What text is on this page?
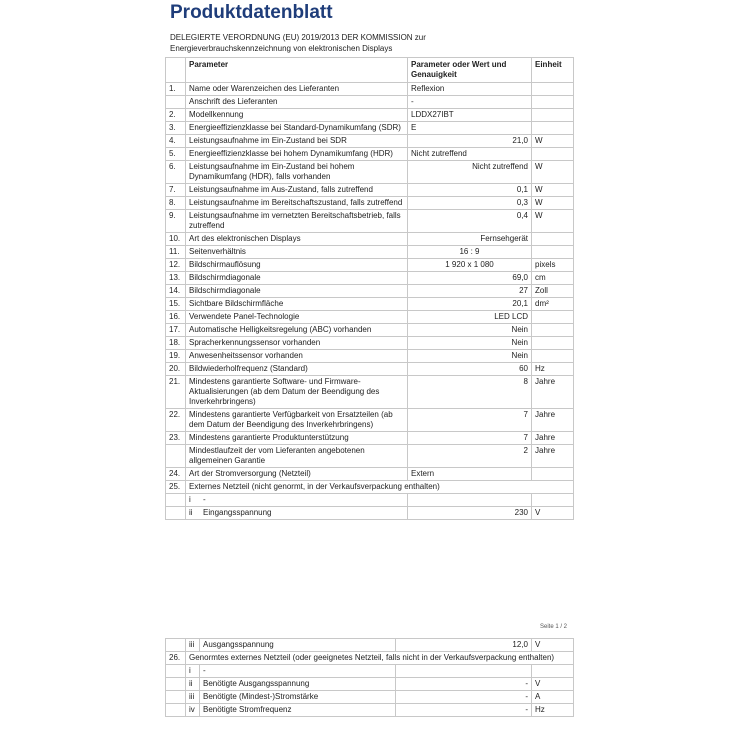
Produktdatenblatt
DELEGIERTE VERORDNUNG (EU) 2019/2013 DER KOMMISSION zur
Energieverbrauchskennzeichnung von elektronischen Displays
	Parameter	Parameter oder Wert und Genauigkeit	Einheit
1.	Name oder Warenzeichen des Lieferanten	Reflexion	
	Anschrift des Lieferanten	-	
2.	Modellkennung	LDDX27IBT	
3.	Energieeffizienzklasse bei Standard-Dynamikumfang (SDR)	E	
4.	Leistungsaufnahme im Ein-Zustand bei SDR	21,0	W
5.	Energieeffizienzklasse bei hohem Dynamikumfang (HDR)	Nicht zutreffend	
6.	Leistungsaufnahme im Ein-Zustand bei hohem Dynamikumfang (HDR), falls vorhanden	Nicht zutreffend	W
7.	Leistungsaufnahme im Aus-Zustand, falls zutreffend	0,1	W
8.	Leistungsaufnahme im Bereitschaftszustand, falls zutreffend	0,3	W
9.	Leistungsaufnahme im vernetzten Bereitschaftsbetrieb, falls zutreffend	0,4	W
10.	Art des elektronischen Displays	Fernsehgerät	
11.	Seitenverhältnis	16 : 9	
12.	Bildschirmauflösung	1 920 x 1 080	pixels
13.	Bildschirmdiagonale	69,0	cm
14.	Bildschirmdiagonale	27	Zoll
15.	Sichtbare Bildschirmfläche	20,1	dm²
16.	Verwendete Panel-Technologie	LED LCD	
17.	Automatische Helligkeitsregelung (ABC) vorhanden	Nein	
18.	Spracherkennungssensor vorhanden	Nein	
19.	Anwesenheitssensor vorhanden	Nein	
20.	Bildwiederholfrequenz (Standard)	60	Hz
21.	Mindestens garantierte Software- und Firmware-Aktualisierungen (ab dem Datum der Beendigung des Inverkehrbringens)	8	Jahre
22.	Mindestens garantierte Verfügbarkeit von Ersatzteilen (ab dem Datum der Beendigung des Inverkehrbringens)	7	Jahre
23.	Mindestens garantierte Produktunterstützung	7	Jahre
	Mindestlaufzeit der vom Lieferanten angebotenen allgemeinen Garantie	2	Jahre
24.	Art der Stromversorgung (Netzteil)	Extern	
25.	Externes Netzteil (nicht genormt, in der Verkaufsverpackung enthalten)		
	i -		
	ii Eingangsspannung	230	V
Seite 1 / 2
	iii	Ausgangsspannung	12,0	V
26.	Genormtes externes Netzteil (oder geeignetes Netzteil, falls nicht in der Verkaufsverpackung enthalten)			
	i	-		
	ii	Benötigte Ausgangsspannung	-	V
	iii	Benötigte (Mindest-)Stromstärke	-	A
	iv	Benötigte Stromfrequenz	-	Hz
